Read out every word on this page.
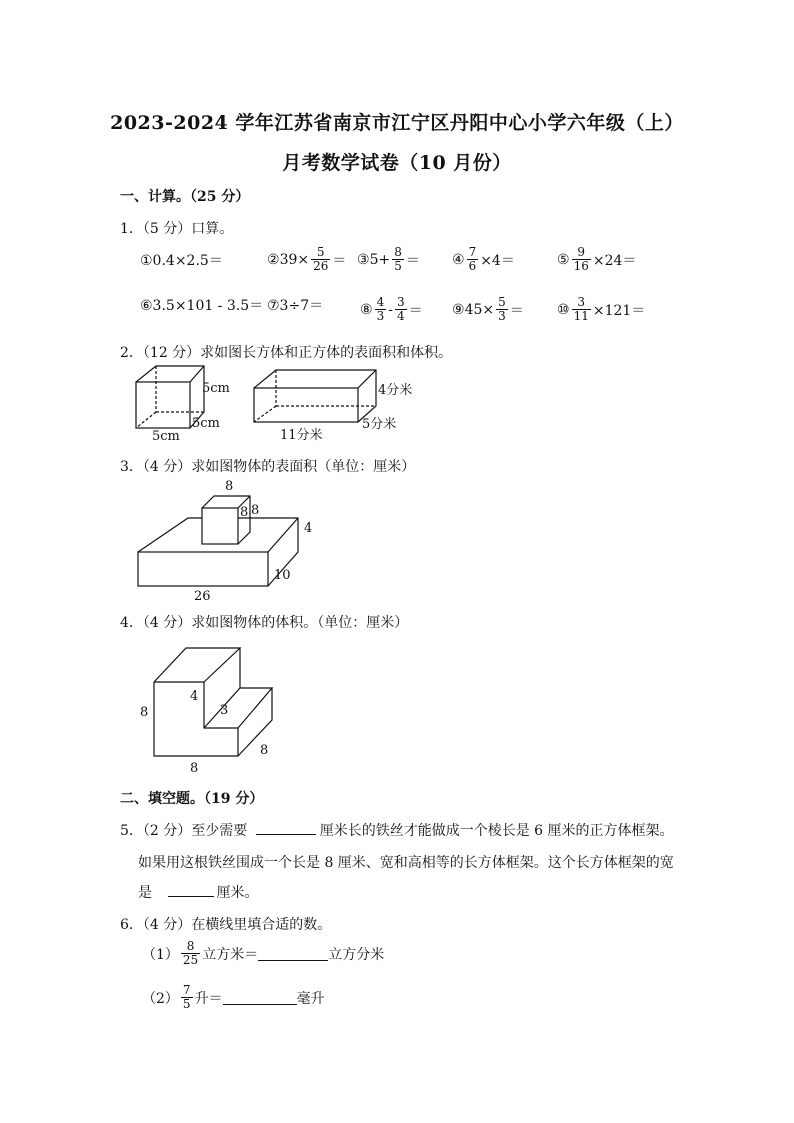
2023-2024 学年江苏省南京市江宁区丹阳中心小学六年级（上）
月考数学试卷（10 月份）
一、计算。（25 分）
1．（5 分）口算。
①0.4×2.5＝	② $39\times \frac{5}{26}$ ＝ ③ $5+ \frac{8}{5}$ ＝ ④ $\frac{7}{6} \times 4=$	⑤ $\frac{9}{16} \times 24=$
⑥3.5×101 - 3.5＝ ⑦3÷7＝	⑧ $\frac{4}{3} - \frac{3}{4}$ ＝ ⑨ $45\times \frac{5}{3}$ ＝ ⑩ $\frac{3}{11} \times 121=$
2．（12 分）求如图长方体和正方体的表面积和体积。
5cm
5cm
5cm
4分米
5分米
11分米
3．（4 分）求如图物体的表面积（单位：厘米）
8
8
8
4
10
26
4．（4 分）求如图物体的体积。（单位：厘米）
8
4
3
8
8
二、填空题。（19 分）
5．（2 分）至少需要	厘米长的铁丝才能做成一个棱长是 6 厘米的正方体框架。
如果用这根铁丝围成一个长是 8 厘米、宽和高相等的长方体框架。这个长方体框架的宽
是	厘米。
6．（4 分）在横线里填合适的数。
$(1) \frac{8}{25}$ 立方米＝	立方分米
$(2) \frac{7}{5}$ 升＝	毫升
